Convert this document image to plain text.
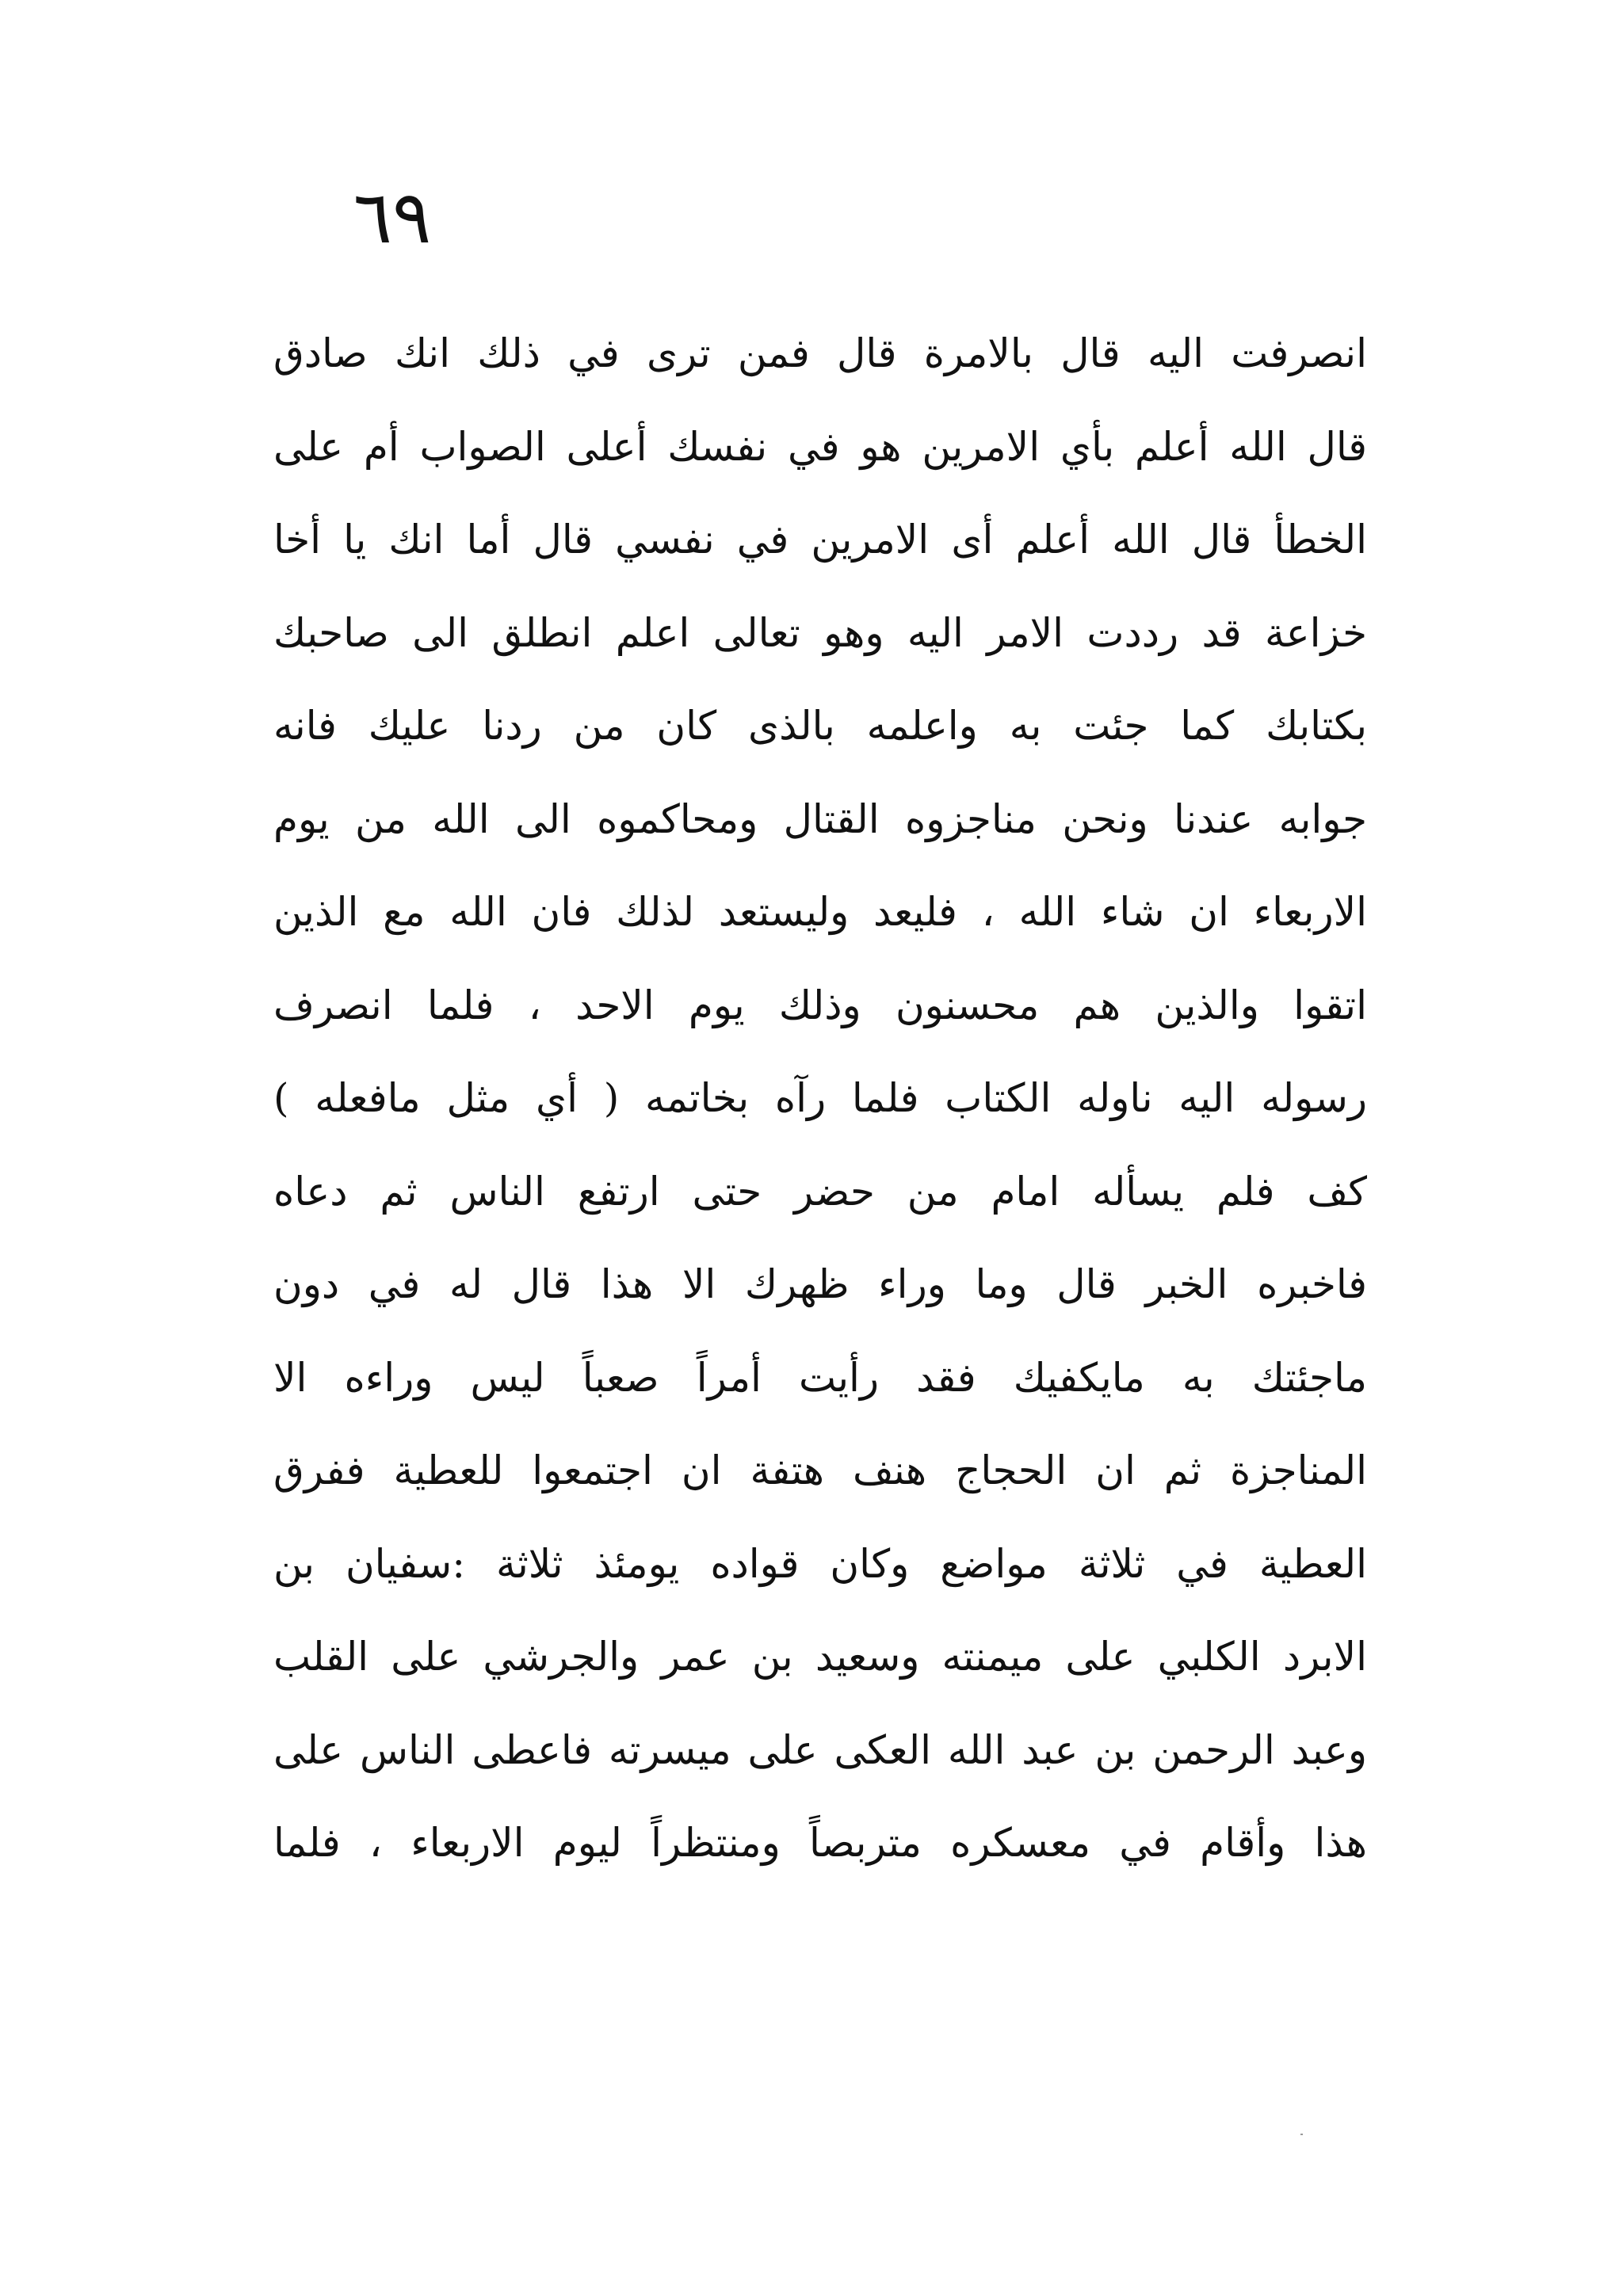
٦٩
انصرفت اليه قال بالامرة قال فمن ترى في ذلك انك صادق
قال الله أعلم بأي الامرين هو في نفسك أعلى الصواب أم على
الخطأ قال الله أعلم أى الامرين في نفسي قال أما انك يا أخا
خزاعة قد رددت الامر اليه وهو تعالى اعلم انطلق الى صاحبك
بكتابك كما جئت به واعلمه بالذى كان من ردنا عليك فانه
جوابه عندنا ونحن مناجزوه القتال ومحاكموه الى الله من يوم
الاربعاء ان شاء الله ، فليعد وليستعد لذلك فان الله مع الذين
اتقوا والذين هم محسنون وذلك يوم الاحد ، فلما انصرف
رسوله اليه ناوله الكتاب فلما رآه بخاتمه ( أي مثل مافعله )
كف فلم يسأله امام من حضر حتى ارتفع الناس ثم دعاه
فاخبره الخبر قال وما وراء ظهرك الا هذا قال له في دون
ماجئتك به مايكفيك فقد رأيت أمراً صعباً ليس وراءه الا
المناجزة ثم ان الحجاج هنف هتفة ان اجتمعوا للعطية ففرق
العطية في ثلاثة مواضع وكان قواده يومئذ ثلاثة :سفيان بن
الابرد الكلبي على ميمنته وسعيد بن عمر والجرشي على القلب
وعبد الرحمن بن عبد الله العكى على ميسرته فاعطى الناس على
هذا وأقام في معسكره متربصاً ومنتظراً ليوم الاربعاء ، فلما
